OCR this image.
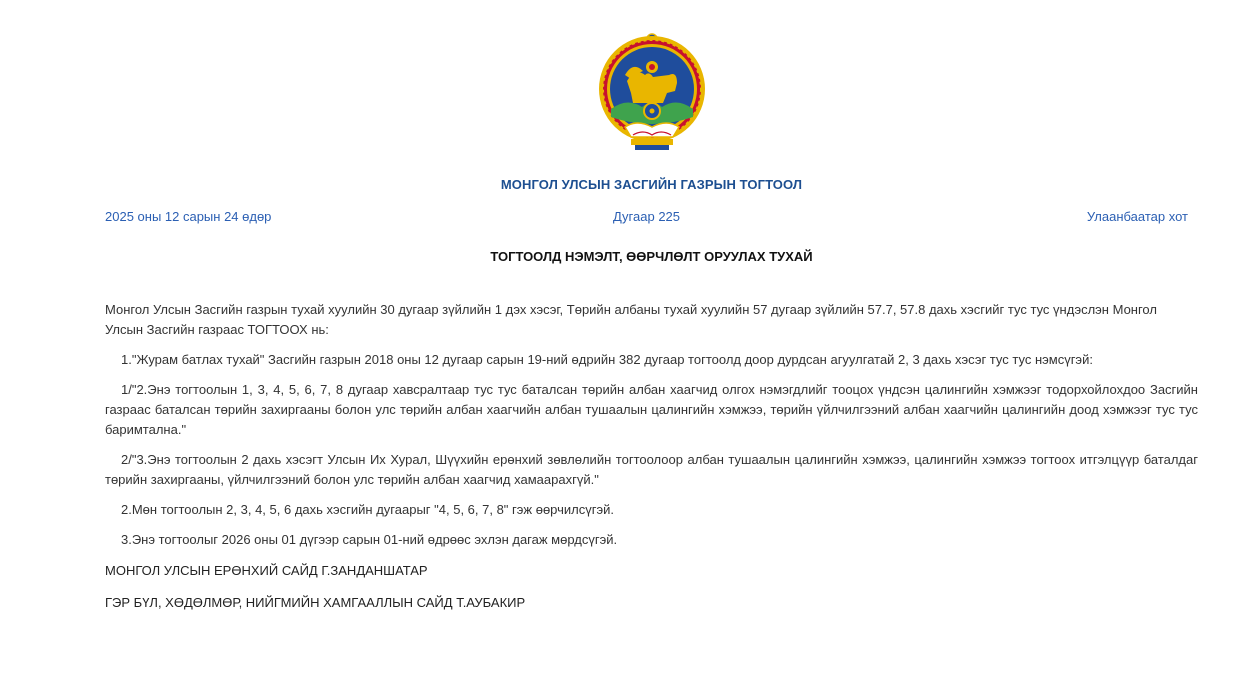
МОНГОЛ УЛСЫН ЗАСГИЙН ГАЗРЫН ТОГТООЛ
2025 оны 12 сарын 24 өдөр	Дугаар 225	Улаанбаатар хот
ТОГТООЛД НЭМЭЛТ, ӨӨРЧЛӨЛТ ОРУУЛАХ ТУХАЙ

Монгол Улсын Засгийн газрын тухай хуулийн 30 дугаар зүйлийн 1 дэх хэсэг, Төрийн албаны тухай хуулийн 57 дугаар зүйлийн 57.7, 57.8 дахь хэсгийг тус тус үндэслэн Монгол Улсын Засгийн газраас ТОГТООХ нь:

1."Журам батлах тухай" Засгийн газрын 2018 оны 12 дугаар сарын 19-ний өдрийн 382 дугаар тогтоолд доор дурдсан агуулгатай 2, 3 дахь хэсэг тус тус нэмсүгэй:

1/"2.Энэ тогтоолын 1, 3, 4, 5, 6, 7, 8 дугаар хавсралтаар тус тус баталсан төрийн албан хаагчид олгох нэмэгдлийг тооцох үндсэн цалингийн хэмжээг тодорхойлохдоо Засгийн газраас баталсан төрийн захиргааны болон улс төрийн албан хаагчийн албан тушаалын цалингийн хэмжээ, төрийн үйлчилгээний албан хаагчийн цалингийн доод хэмжээг тус тус баримтална."

2/"3.Энэ тогтоолын 2 дахь хэсэгт Улсын Их Хурал, Шүүхийн ерөнхий зөвлөлийн тогтоолоор албан тушаалын цалингийн хэмжээ, цалингийн хэмжээ тогтоох итгэлцүүр баталдаг төрийн захиргааны, үйлчилгээний болон улс төрийн албан хаагчид хамаарахгүй."

2.Мөн тогтоолын 2, 3, 4, 5, 6 дахь хэсгийн дугаарыг "4, 5, 6, 7, 8" гэж өөрчилсүгэй.

3.Энэ тогтоолыг 2026 оны 01 дүгээр сарын 01-ний өдрөөс эхлэн дагаж мөрдсүгэй.

МОНГОЛ УЛСЫН ЕРӨНХИЙ САЙД Г.ЗАНДАНШАТАР
ГЭР БҮЛ, ХӨДӨЛМӨР, НИЙГМИЙН ХАМГААЛЛЫН САЙД Т.АУБАКИР
